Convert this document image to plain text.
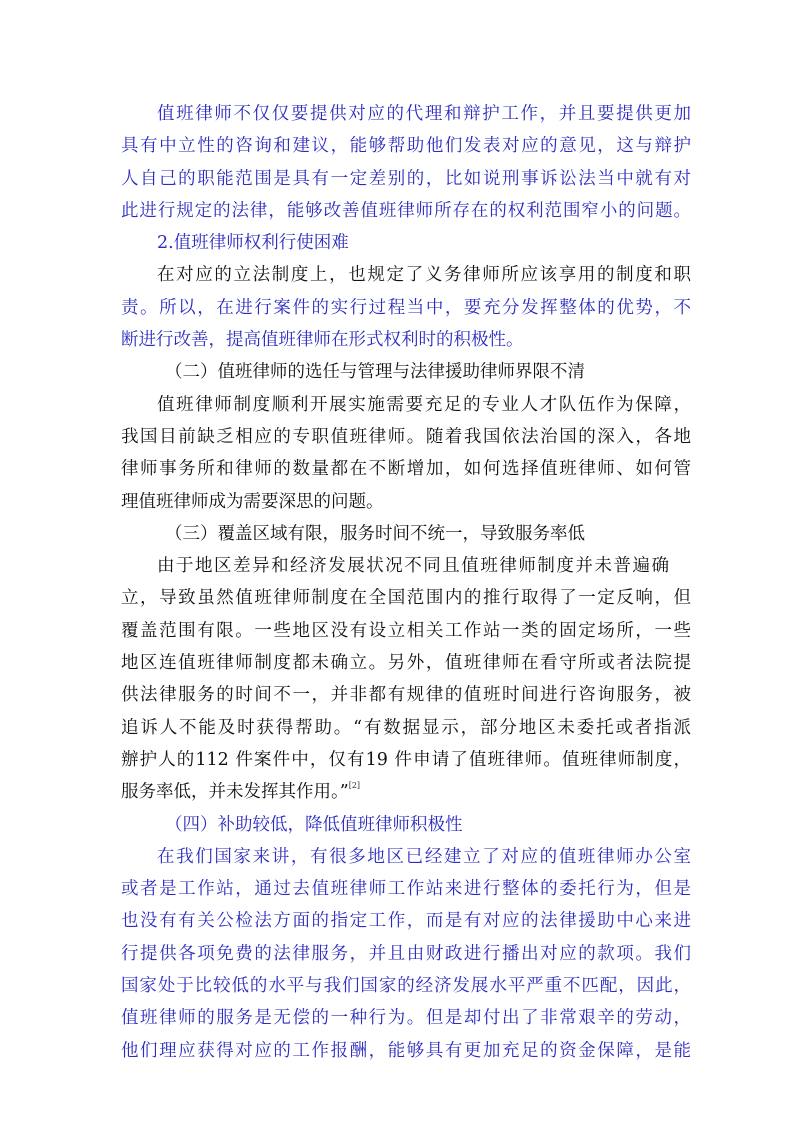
值班律师不仅仅要提供对应的代理和辩护工作，并且要提供更加
具有中立性的咨询和建议，能够帮助他们发表对应的意见，这与辩护
人自己的职能范围是具有一定差别的，比如说刑事诉讼法当中就有对
此进行规定的法律，能够改善值班律师所存在的权利范围窄小的问题。
2.值班律师权利行使困难
在对应的立法制度上，也规定了义务律师所应该享用的制度和职
责。所以，在进行案件的实行过程当中，要充分发挥整体的优势，不
断进行改善，提高值班律师在形式权利时的积极性。
（二）值班律师的选任与管理与法律援助律师界限不清
值班律师制度顺利开展实施需要充足的专业人才队伍作为保障，
我国目前缺乏相应的专职值班律师。随着我国依法治国的深入，各地
律师事务所和律师的数量都在不断增加，如何选择值班律师、如何管
理值班律师成为需要深思的问题。
（三）覆盖区域有限，服务时间不统一，导致服务率低
由于地区差异和经济发展状况不同且值班律师制度并未普遍确
立，导致虽然值班律师制度在全国范围内的推行取得了一定反响，但
覆盖范围有限。一些地区没有设立相关工作站一类的固定场所，一些
地区连值班律师制度都未确立。另外，值班律师在看守所或者法院提
供法律服务的时间不一，并非都有规律的值班时间进行咨询服务，被
追诉人不能及时获得帮助。“有数据显示，部分地区未委托或者指派
辦护人的112 件案件中，仅有19 件申请了值班律师。值班律师制度，
服务率低，并未发挥其作用。”[2]
（四）补助较低，降低值班律师积极性
在我们国家来讲，有很多地区已经建立了对应的值班律师办公室
或者是工作站，通过去值班律师工作站来进行整体的委托行为，但是
也没有有关公检法方面的指定工作，而是有对应的法律援助中心来进
行提供各项免费的法律服务，并且由财政进行播出对应的款项。我们
国家处于比较低的水平与我们国家的经济发展水平严重不匹配，因此，
值班律师的服务是无偿的一种行为。但是却付出了非常艰辛的劳动，
他们理应获得对应的工作报酬，能够具有更加充足的资金保障，是能
